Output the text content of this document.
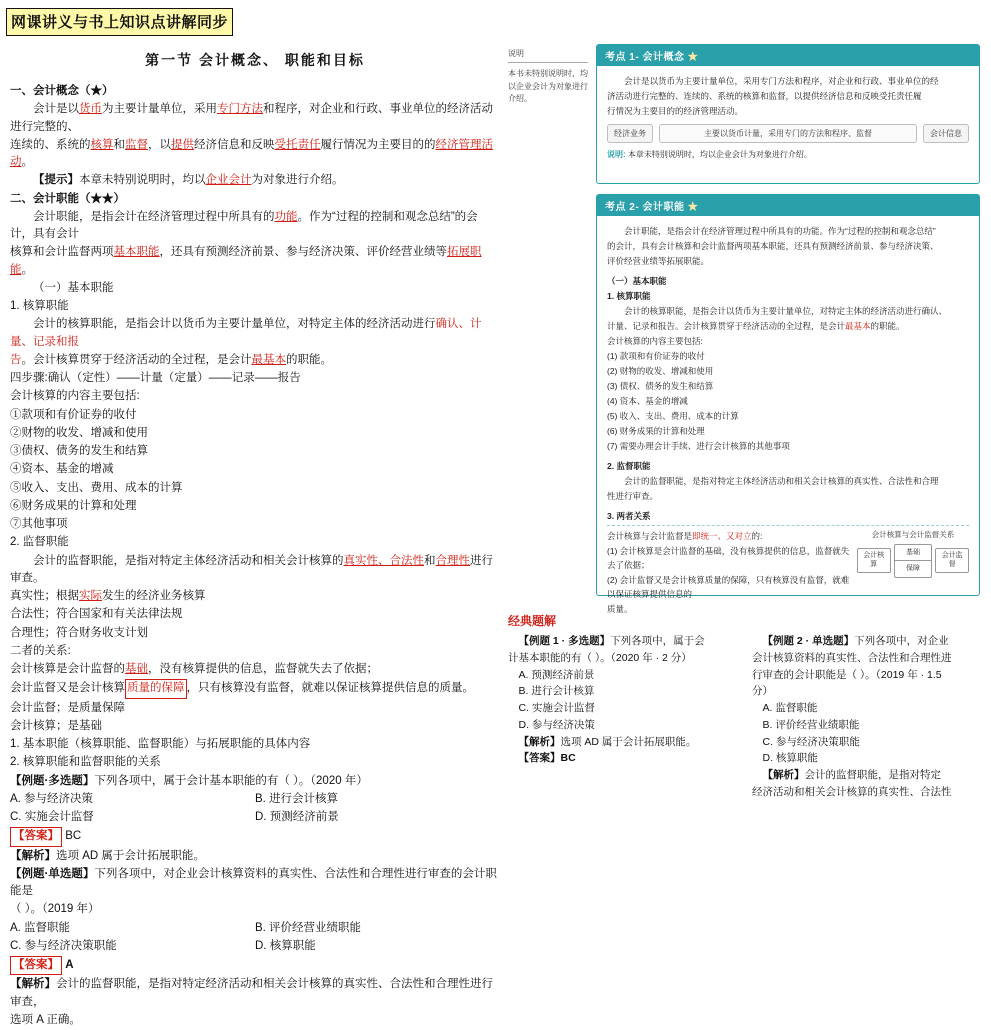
网课讲义与书上知识点讲解同步
第一节 会计概念、 职能和目标

一、会计概念（★）

会计是以货币为主要计量单位，采用专门方法和程序，对企业和行政、事业单位的经济活动进行完整的、

连续的、系统的核算和监督，以提供经济信息和反映受托责任履行情况为主要目的的经济管理活动。

【提示】本章未特别说明时，均以企业会计为对象进行介绍。

二、会计职能（★★）

会计职能，是指会计在经济管理过程中所具有的功能。作为“过程的控制和观念总结”的会计，具有会计

核算和会计监督两项基本职能，还具有预测经济前景、参与经济决策、评价经营业绩等拓展职能。

（一）基本职能

1. 核算职能

会计的核算职能，是指会计以货币为主要计量单位，对特定主体的经济活动进行确认、计量、记录和报

告。会计核算贯穿于经济活动的全过程，是会计最基本的职能。

四步骤:确认（定性）——计量（定量）——记录——报告

会计核算的内容主要包括:

①款项和有价证券的收付

②财物的收发、增减和使用

③债权、债务的发生和结算

④资本、基金的增减

⑤收入、支出、费用、成本的计算

⑥财务成果的计算和处理

⑦其他事项

2. 监督职能

会计的监督职能，是指对特定主体经济活动和相关会计核算的真实性、合法性和合理性进行审查。

真实性；根据实际发生的经济业务核算

合法性；符合国家和有关法律法规

合理性；符合财务收支计划

二者的关系:

会计核算是会计监督的基础，没有核算提供的信息，监督就失去了依据；

会计监督又是会计核算 质量的保障 ，只有核算没有监督，就难以保证核算提供信息的质量。

会计监督；是质量保障

会计核算；是基础

1. 基本职能（核算职能、监督职能）与拓展职能的具体内容

2. 核算职能和监督职能的关系

【例题·多选题】下列各项中，属于会计基本职能的有（ ）。（2020 年）

A. 参与经济决策

C. 实施会计监督

B. 进行会计核算

D. 预测经济前景

【答案】 BC

【解析】选项 AD 属于会计拓展职能。

【例题·单选题】下列各项中，对企业会计核算资料的真实性、合法性和合理性进行审查的会计职能是

（ ）。（2019 年）

A. 监督职能

C. 参与经济决策职能

B. 评价经营业绩职能

D. 核算职能

【答案】 A

【解析】会计的监督职能，是指对特定经济活动和相关会计核算的真实性、合法性和合理性进行审查，

选项 A 正确。

说明
本书未特别说明时，均以企业会计为对象进行介绍。
考点 1- 会计概念 ★

会计是以货币为主要计量单位，采用专门方法和程序，对企业和行政、事业单位的经

济活动进行完整的、连续的、系统的核算和监督，以提供经济信息和反映受托责任履

行情况为主要目的的经济管理活动。

经济业务	主要以货币计量，采用专门的方法和程序、监督	会计信息
说明: 本章未特别说明时，均以企业会计为对象进行介绍。
考点 2- 会计职能 ★

会计职能，是指会计在经济管理过程中所具有的功能。作为“过程的控制和观念总结”

的会计，具有会计核算和会计监督两项基本职能，还具有预测经济前景、参与经济决策、

评价经营业绩等拓展职能。

（一）基本职能

1. 核算职能

会计的核算职能，是指会计以货币为主要计量单位，对特定主体的经济活动进行确认、

计量、记录和报告。会计核算贯穿于经济活动的全过程，是会计最基本的职能。

会计核算的内容主要包括:

(1) 款项和有价证券的收付

(2) 财物的收发、增减和使用

(3) 债权、债务的发生和结算

(4) 资本、基金的增减

(5) 收入、支出、费用、成本的计算

(6) 财务成果的计算和处理

(7) 需要办理会计手续、进行会计核算的其他事项

2. 监督职能

会计的监督职能，是指对特定主体经济活动和相关会计核算的真实性、合法性和合理

性进行审查。

3. 两者关系

会计核算与会计监督是即统一、又对立的:

(1) 会计核算是会计监督的基础，没有核算提供的信息，监督就失去了依据；

(2) 会计监督又是会计核算质量的保障，只有核算没有监督，就难以保证核算提供信息的

质量。

会计核算与会计监督关系
会计核算
基础
保障
会计监督
经典题解

【例题 1 · 多选题】下列各项中，属于会

计基本职能的有（ ）。（2020 年 · 2 分）

A. 预测经济前景

B. 进行会计核算

C. 实施会计监督

D. 参与经济决策

【解析】选项 AD 属于会计拓展职能。

【答案】BC

【例题 2 · 单选题】下列各项中，对企业

会计核算资料的真实性、合法性和合理性进

行审查的会计职能是（ ）。（2019 年 · 1.5

分）

A. 监督职能

B. 评价经营业绩职能

C. 参与经济决策职能

D. 核算职能

【解析】会计的监督职能，是指对特定

经济活动和相关会计核算的真实性、合法性
